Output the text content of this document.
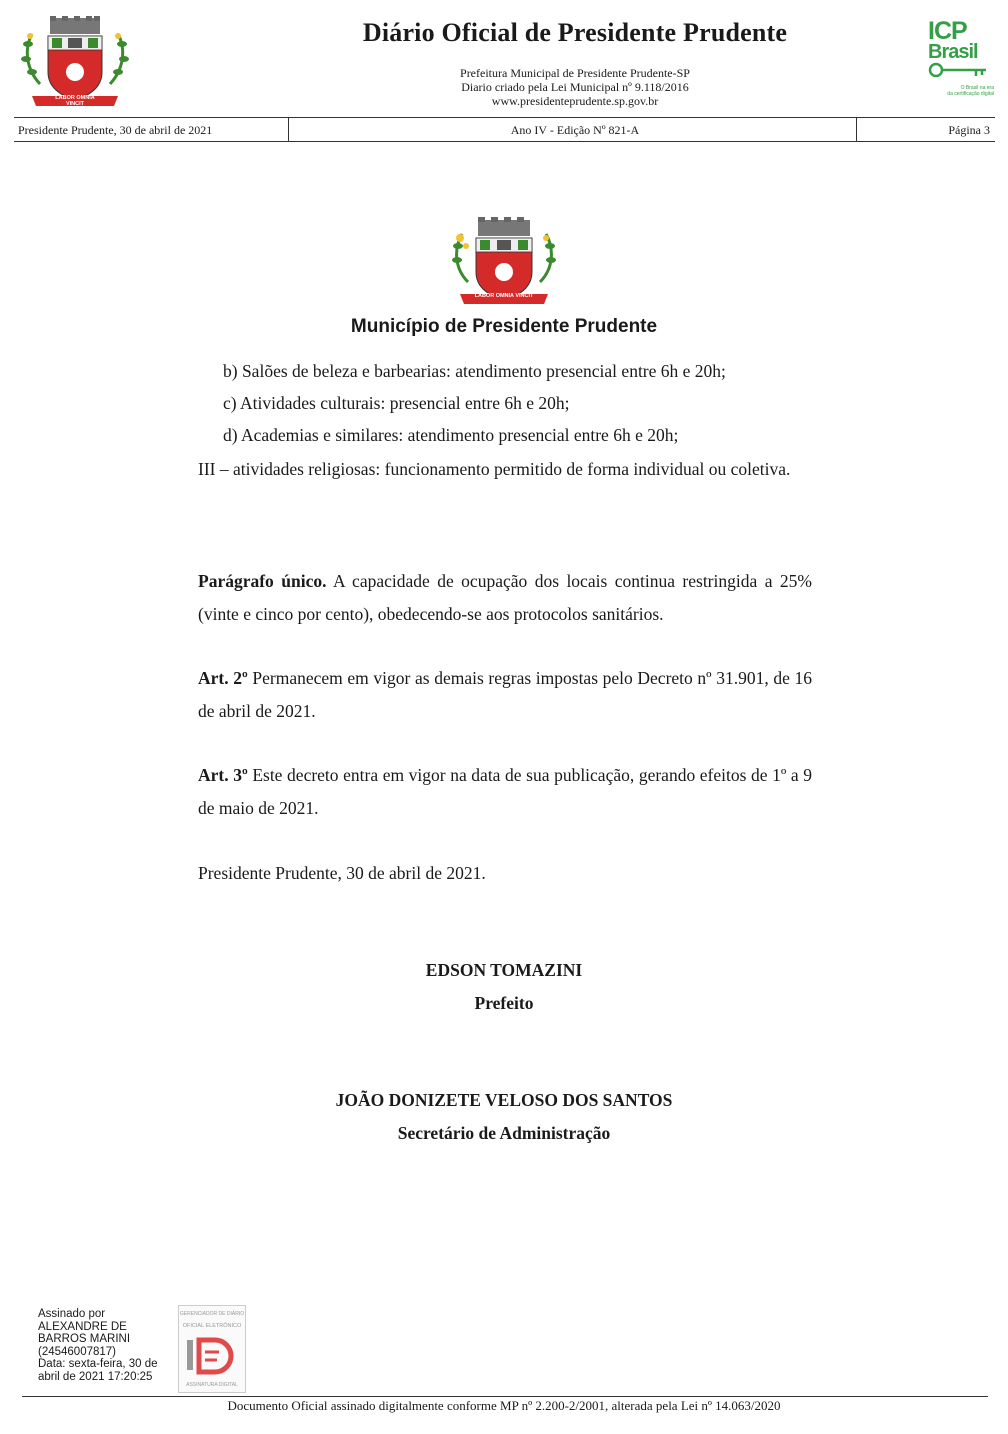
LABOR OMNIA VINCIT
Diário Oficial de Presidente Prudente
Prefeitura Municipal de Presidente Prudente-SP
Diario criado pela Lei Municipal nº 9.118/2016
www.presidenteprudente.sp.gov.br
ICP
Brasil
O Brasil na era
da certificação digital
Presidente Prudente, 30 de abril de 2021	Ano IV - Edição Nº 821-A	Página 3
LABOR OMNIA VINCIT
Município de Presidente Prudente
b) Salões de beleza e barbearias: atendimento presencial entre 6h e 20h;
c) Atividades culturais: presencial entre 6h e 20h;
d) Academias e similares: atendimento presencial entre 6h e 20h;
III – atividades religiosas: funcionamento permitido de forma individual ou coletiva.
Parágrafo único. A capacidade de ocupação dos locais continua restringida a 25% (vinte e cinco por cento), obedecendo-se aos protocolos sanitários.
Art. 2º Permanecem em vigor as demais regras impostas pelo Decreto nº 31.901, de 16 de abril de 2021.
Art. 3º Este decreto entra em vigor na data de sua publicação, gerando efeitos de 1º a 9 de maio de 2021.
Presidente Prudente, 30 de abril de 2021.
EDSON TOMAZINI
Prefeito
JOÃO DONIZETE VELOSO DOS SANTOS
Secretário de Administração
Assinado por
ALEXANDRE DE
BARROS MARINI
(24546007817)
Data: sexta-feira, 30 de
abril de 2021 17:20:25
GERENCIADOR DE DIÁRIO
OFICIAL ELETRÔNICO
ASSINATURA DIGITAL
Documento Oficial assinado digitalmente conforme MP nº 2.200-2/2001, alterada pela Lei nº 14.063/2020
